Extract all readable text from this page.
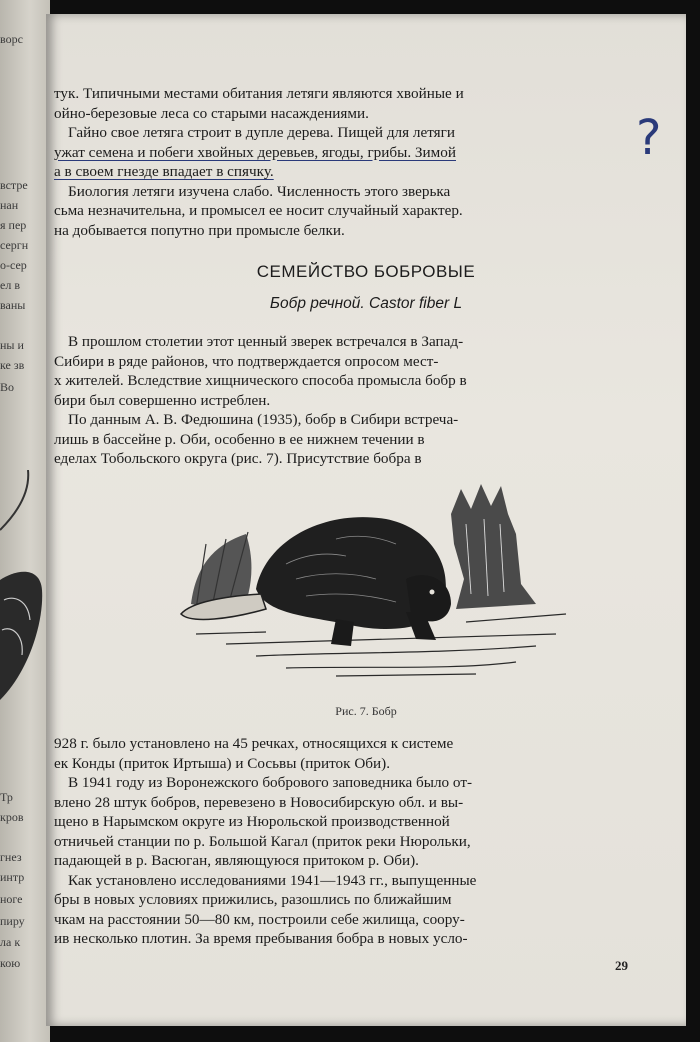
ворс
встре
нан
я пер
сергн
о-сер
ел в
ваны
ны и
ке зв
Во
Тр
кров
гнез
интр
ноге
пиру
ла к
кою
тук. Типичными местами обитания летяги являются хвойные и
ойно-березовые леса со старыми насаждениями.
Гайно свое летяга строит в дупле дерева. Пищей для летяги
ужат семена и побеги хвойных деревьев, ягоды, грибы. Зимой
а в своем гнезде впадает в спячку.
Биология летяги изучена слабо. Численность этого зверька
сьма незначительна, и промысел ее носит случайный характер.
на добывается попутно при промысле белки.
?
СЕМЕЙСТВО БОБРОВЫЕ
Бобр речной. Castor fiber L
В прошлом столетии этот ценный зверек встречался в Запад-
Сибири в ряде районов, что подтверждается опросом мест-
х жителей. Вследствие хищнического способа промысла бобр в
бири был совершенно истреблен.
По данным А. В. Федюшина (1935), бобр в Сибири встреча-
лишь в бассейне р. Оби, особенно в ее нижнем течении в
еделах Тобольского округа (рис. 7). Присутствие бобра в
Рис. 7. Бобр
928 г. было установлено на 45 речках, относящихся к системе
ек Конды (приток Иртыша) и Сосьвы (приток Оби).
В 1941 году из Воронежского бобрового заповедника было от-
влено 28 штук бобров, перевезено в Новосибирскую обл. и вы-
щено в Нарымском округе из Нюрольской производственной
отничьей станции по р. Большой Кагал (приток реки Нюрольки,
падающей в р. Васюган, являющуюся притоком р. Оби).
Как установлено исследованиями 1941—1943 гг., выпущенные
бры в новых условиях прижились, разошлись по ближайшим
чкам на расстоянии 50—80 км, построили себе жилища, соору-
ив несколько плотин. За время пребывания бобра в новых усло-
29
